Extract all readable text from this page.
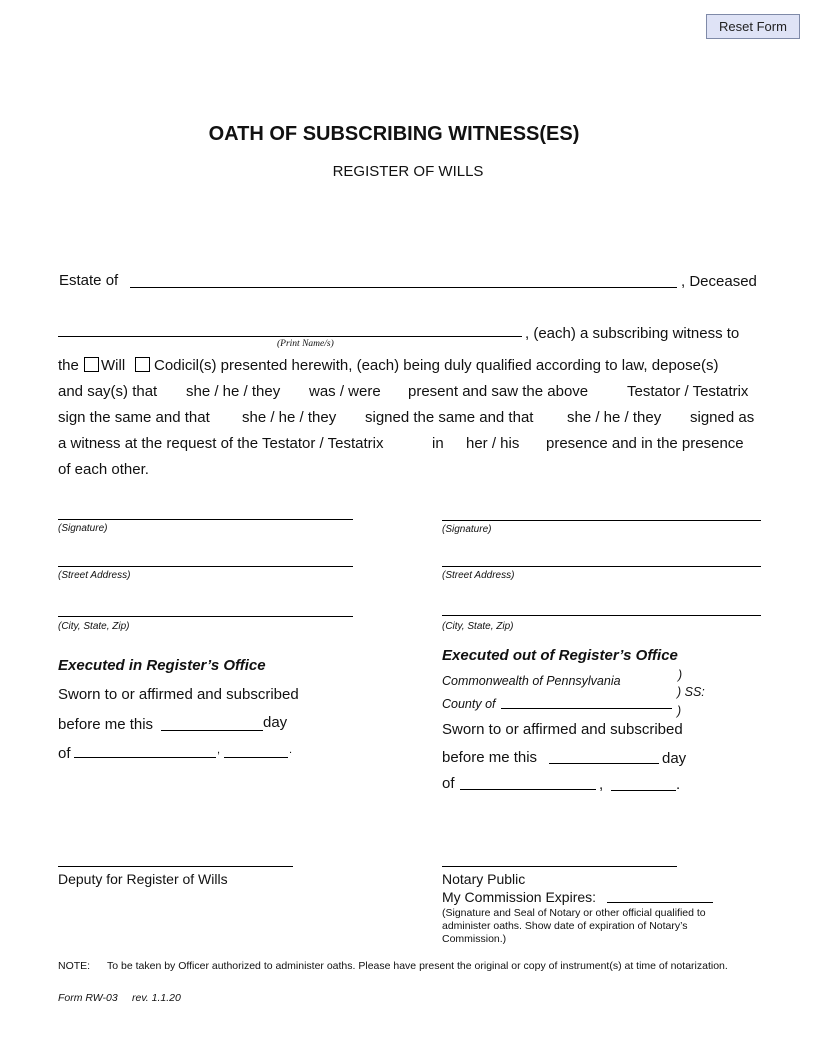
Reset Form
OATH OF SUBSCRIBING WITNESS(ES)
REGISTER OF WILLS
Estate of	, Deceased
, (each) a subscribing witness to
(Print Name/s)
the Will Codicil(s) presented herewith, (each) being duly qualified according to law, depose(s)
and say(s) that she / he / they was / were present and saw the above	Testator / Testatrix
sign the same and that she / he / they signed the same and that she / he / they signed as
a witness at the request of the Testator / Testatrix	in her / his presence and in the presence
of each other.
(Signature)
(Street Address)
(City, State, Zip)
(Signature)
(Street Address)
(City, State, Zip)
Executed in Register’s Office
Sworn to or affirmed and subscribed
before me this	day
of	,	.
Executed out of Register’s Office
Commonwealth of Pennsylvania	)
) SS:
County of	)
Sworn to or affirmed and subscribed
before me this	day
of	,	.
Deputy for Register of Wills	Notary Public
My Commission Expires:
(Signature and Seal of Notary or other official qualified to
administer oaths. Show date of expiration of Notary’s
Commission.)
NOTE: To be taken by Officer authorized to administer oaths. Please have present the original or copy of instrument(s) at time of notarization.
Form RW-03 rev. 1.1.20
